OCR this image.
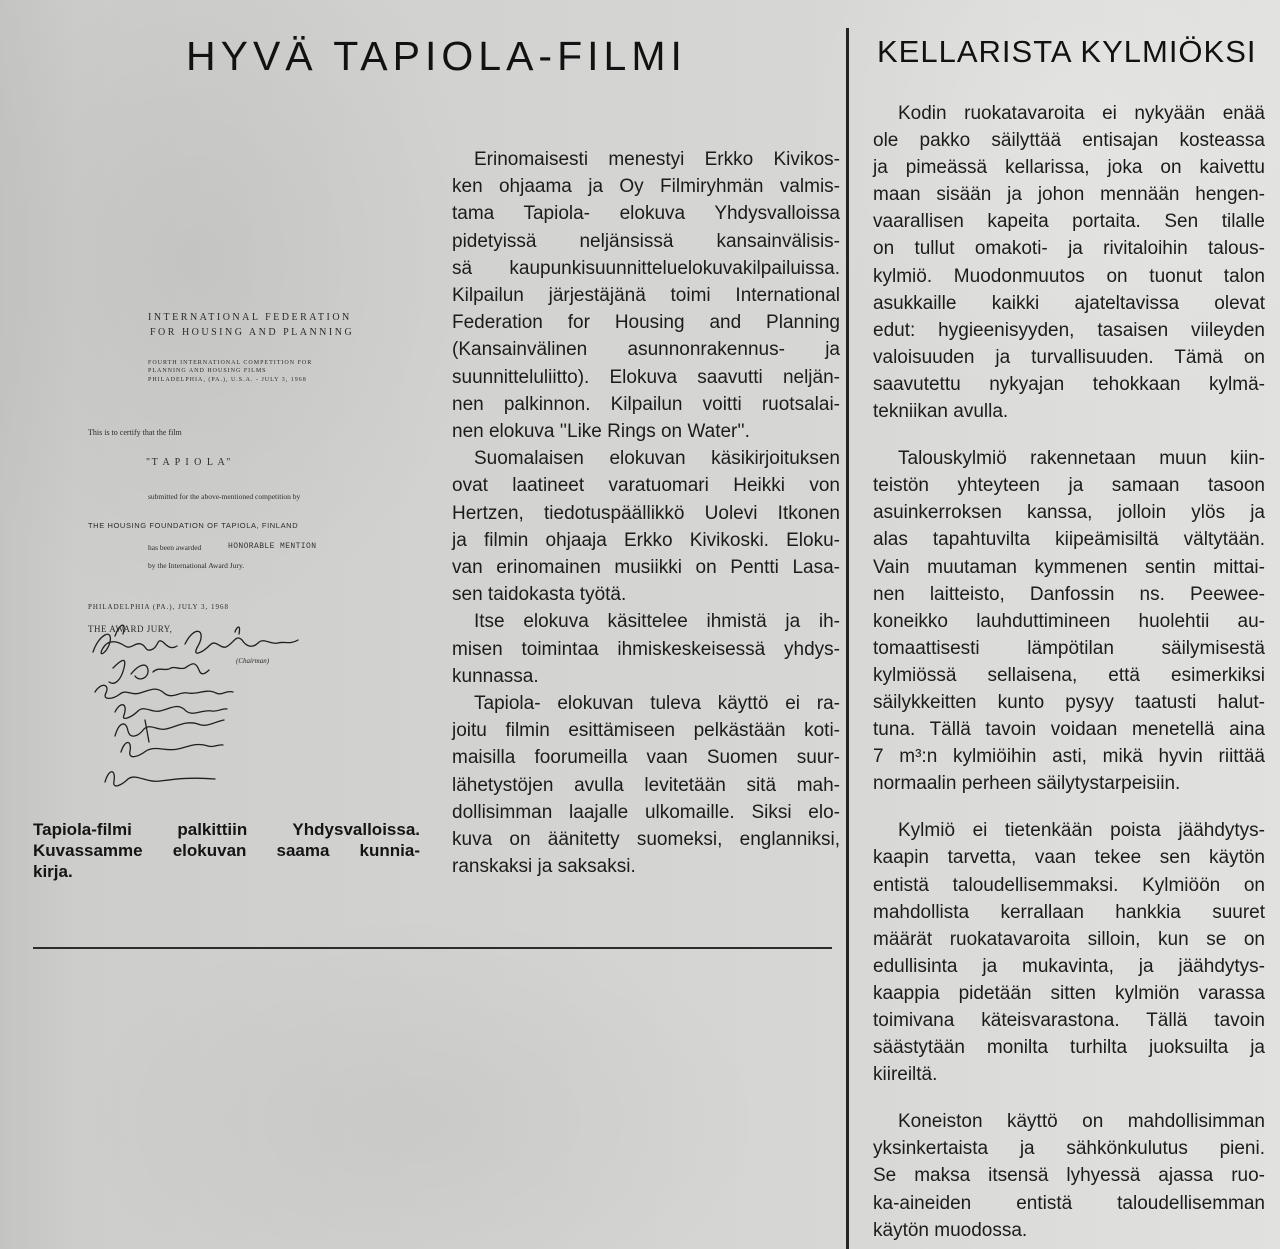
HYVÄ TAPIOLA-FILMI
Erinomaisesti menestyi Erkko Kivikos-
ken ohjaama ja Oy Filmiryhmän valmis-
tama Tapiola- elokuva Yhdysvalloissa
pidetyissä neljänsissä kansainvälisis-
sä kaupunkisuunnitteluelokuvakilpailuissa.
Kilpailun järjestäjänä toimi International
Federation for Housing and Planning
(Kansainvälinen asunnonrakennus- ja
suunnitteluliitto). Elokuva saavutti neljän-
nen palkinnon. Kilpailun voitti ruotsalai-
nen elokuva ''Like Rings on Water''.
Suomalaisen elokuvan käsikirjoituksen
ovat laatineet varatuomari Heikki von
Hertzen, tiedotuspäällikkö Uolevi Itkonen
ja filmin ohjaaja Erkko Kivikoski. Eloku-
van erinomainen musiikki on Pentti Lasa-
sen taidokasta työtä.
Itse elokuva käsittelee ihmistä ja ih-
misen toimintaa ihmiskeskeisessä yhdys-
kunnassa.
Tapiola- elokuvan tuleva käyttö ei ra-
joitu filmin esittämiseen pelkästään koti-
maisilla foorumeilla vaan Suomen suur-
lähetystöjen avulla levitetään sitä mah-
dollisimman laajalle ulkomaille. Siksi elo-
kuva on äänitetty suomeksi, englanniksi,
ranskaksi ja saksaksi.
INTERNATIONAL FEDERATION
FOR HOUSING AND PLANNING
FOURTH INTERNATIONAL COMPETITION FOR
PLANNING AND HOUSING FILMS
PHILADELPHIA, (PA.), U.S.A. - JULY 3, 1968
This is to certify that the film
"T A P I O L A"
submitted for the above-mentioned competition by
THE HOUSING FOUNDATION OF TAPIOLA, FINLAND
has been awarded	HONORABLE MENTION
by the International Award Jury.
PHILADELPHIA (PA.), JULY 3, 1968
THE AWARD JURY,
(Chairman)
Tapiola-filmi palkittiin Yhdysvalloissa.
Kuvassamme elokuvan saama kunnia-
kirja.
KELLARISTA KYLMIÖKSI
Kodin ruokatavaroita ei nykyään enää
ole pakko säilyttää entisajan kosteassa
ja pimeässä kellarissa, joka on kaivettu
maan sisään ja johon mennään hengen-
vaarallisen kapeita portaita. Sen tilalle
on tullut omakoti- ja rivitaloihin talous-
kylmiö. Muodonmuutos on tuonut talon
asukkaille kaikki ajateltavissa olevat
edut: hygieenisyyden, tasaisen viileyden
valoisuuden ja turvallisuuden. Tämä on
saavutettu nykyajan tehokkaan kylmä-
tekniikan avulla.
Talouskylmiö rakennetaan muun kiin-
teistön yhteyteen ja samaan tasoon
asuinkerroksen kanssa, jolloin ylös ja
alas tapahtuvilta kiipeämisiltä vältytään.
Vain muutaman kymmenen sentin mittai-
nen laitteisto, Danfossin ns. Peewee-
koneikko lauhduttimineen huolehtii au-
tomaattisesti lämpötilan säilymisestä
kylmiössä sellaisena, että esimerkiksi
säilykkeitten kunto pysyy taatusti halut-
tuna. Tällä tavoin voidaan menetellä aina
7 m³:n kylmiöihin asti, mikä hyvin riittää
normaalin perheen säilytystarpeisiin.
Kylmiö ei tietenkään poista jäähdytys-
kaapin tarvetta, vaan tekee sen käytön
entistä taloudellisemmaksi. Kylmiöön on
mahdollista kerrallaan hankkia suuret
määrät ruokatavaroita silloin, kun se on
edullisinta ja mukavinta, ja jäähdytys-
kaappia pidetään sitten kylmiön varassa
toimivana käteisvarastona. Tällä tavoin
säästytään monilta turhilta juoksuilta ja
kiireiltä.
Koneiston käyttö on mahdollisimman
yksinkertaista ja sähkönkulutus pieni.
Se maksa itsensä lyhyessä ajassa ruo-
ka-aineiden entistä taloudellisemman
käytön muodossa.
